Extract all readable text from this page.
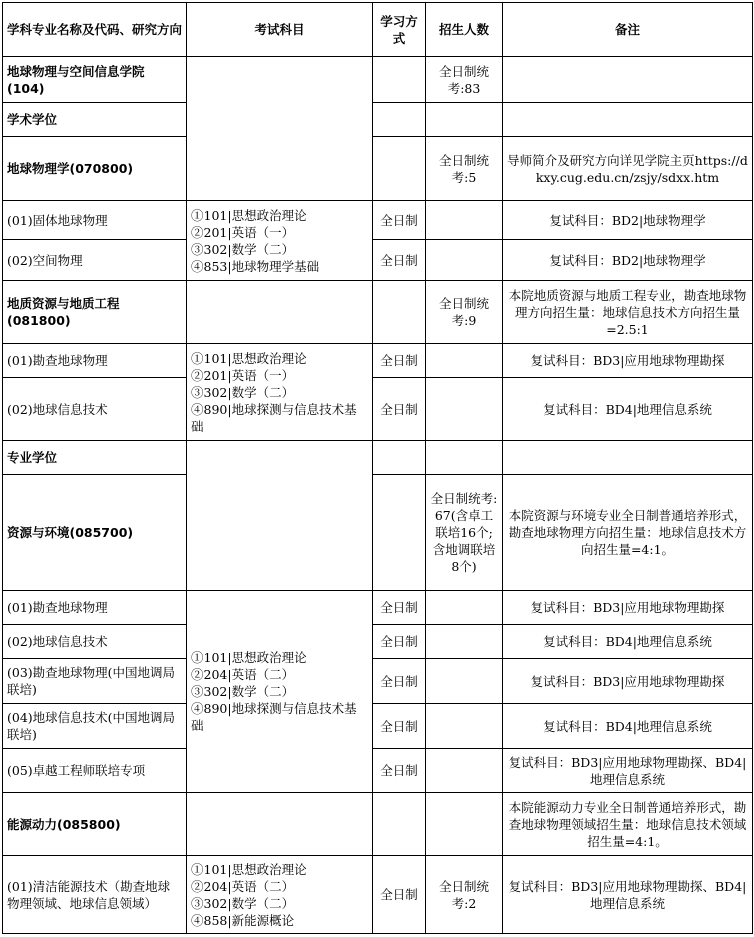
学科专业名称及代码、研究方向	考试科目	学习方式	招生人数	备注
地球物理与空间信息学院(104)			全日制统考:83	
学术学位				
地球物理学(070800)			全日制统考:5	导师简介及研究方向详见学院主页https://dkxy.cug.edu.cn/zsjy/sdxx.htm
(01)固体地球物理	①101|思想政治理论
②201|英语（一）
③302|数学（二）
④853|地球物理学基础	全日制		复试科目：BD2|地球物理学
(02)空间物理		全日制		复试科目：BD2|地球物理学
地质资源与地质工程(081800)			全日制统考:9	本院地质资源与地质工程专业，勘查地球物理方向招生量：地球信息技术方向招生量=2.5:1
(01)勘查地球物理	①101|思想政治理论
②201|英语（一）
③302|数学（二）
④890|地球探测与信息技术基础	全日制		复试科目：BD3|应用地球物理勘探
(02)地球信息技术		全日制		复试科目：BD4|地理信息系统
专业学位				
资源与环境(085700)			全日制统考:67(含卓工联培16个;含地调联培8个)	本院资源与环境专业全日制普通培养形式，勘查地球物理方向招生量：地球信息技术方向招生量=4:1。
(01)勘查地球物理	①101|思想政治理论
②204|英语（二）
③302|数学（二）
④890|地球探测与信息技术基础	全日制		复试科目：BD3|应用地球物理勘探
(02)地球信息技术		全日制		复试科目：BD4|地理信息系统
(03)勘查地球物理(中国地调局联培)		全日制		复试科目：BD3|应用地球物理勘探
(04)地球信息技术(中国地调局联培)		全日制		复试科目：BD4|地理信息系统
(05)卓越工程师联培专项		全日制		复试科目：BD3|应用地球物理勘探、BD4|地理信息系统
能源动力(085800)				本院能源动力专业全日制普通培养形式，勘查地球物理领域招生量：地球信息技术领域招生量=4:1。
(01)清洁能源技术（勘查地球物理领域、地球信息领域）	①101|思想政治理论
②204|英语（二）
③302|数学（二）
④858|新能源概论	全日制	全日制统考:2	复试科目：BD3|应用地球物理勘探、BD4|地理信息系统
